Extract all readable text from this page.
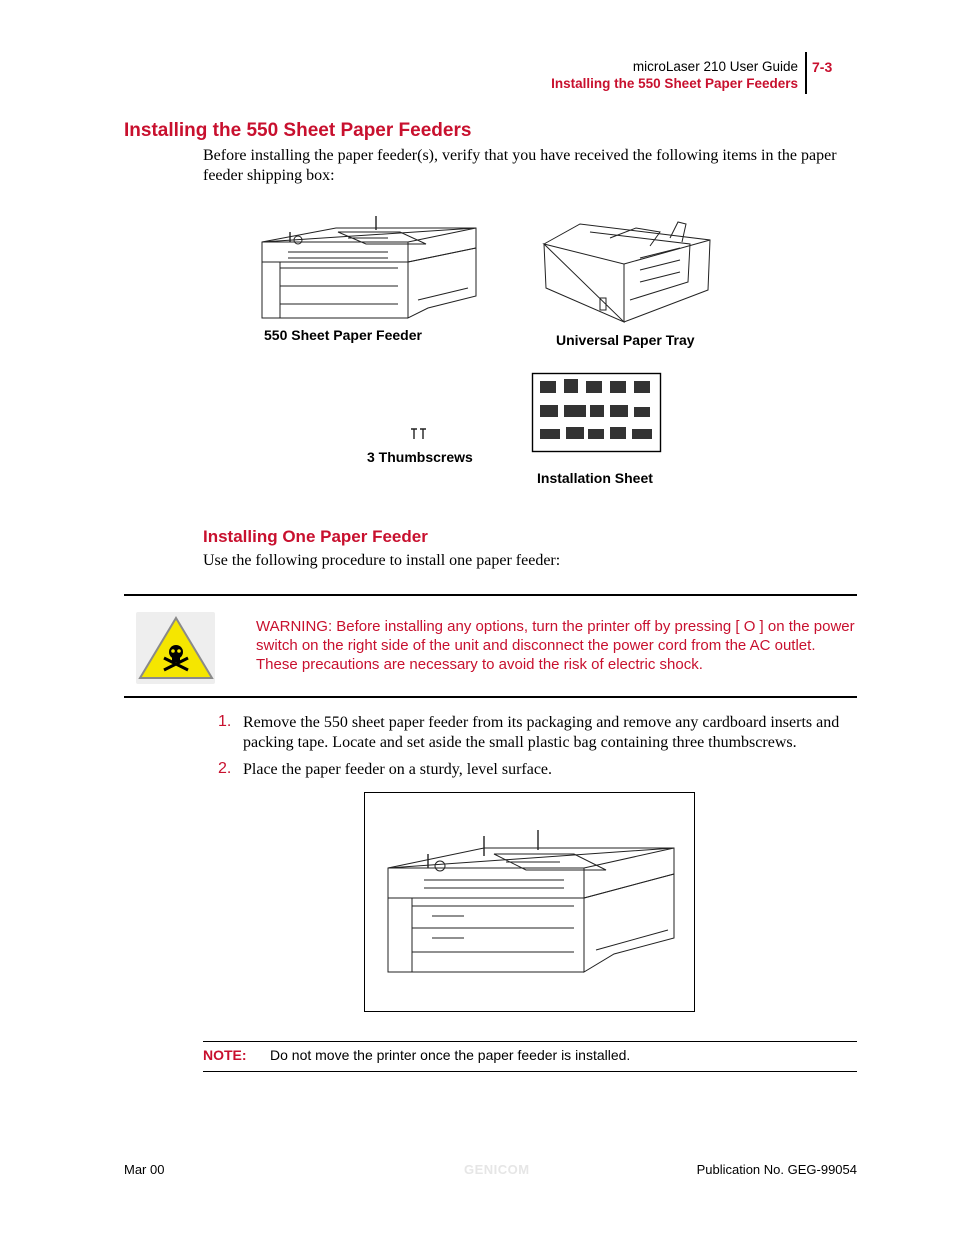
microLaser 210 User Guide
Installing the 550 Sheet Paper Feeders
7-3
Installing the 550 Sheet Paper Feeders

Before installing the paper feeder(s), verify that you have received the following items in the paper feeder shipping box:

550 Sheet Paper Feeder	Universal Paper Tray
3 Thumbscrews
Installation Sheet
Installing One Paper Feeder

Use the following procedure to install one paper feeder:

WARNING: Before installing any options, turn the printer off by pressing [ O ] on the power switch on the right side of the unit and disconnect the power cord from the AC outlet. These precautions are necessary to avoid the risk of electric shock.
1. Remove the 550 sheet paper feeder from its packaging and remove any cardboard inserts and packing tape. Locate and set aside the small plastic bag containing three thumbscrews.
2. Place the paper feeder on a sturdy, level surface.
NOTE: Do not move the printer once the paper feeder is installed.
Mar 00	GENICOM	Publication No. GEG-99054
